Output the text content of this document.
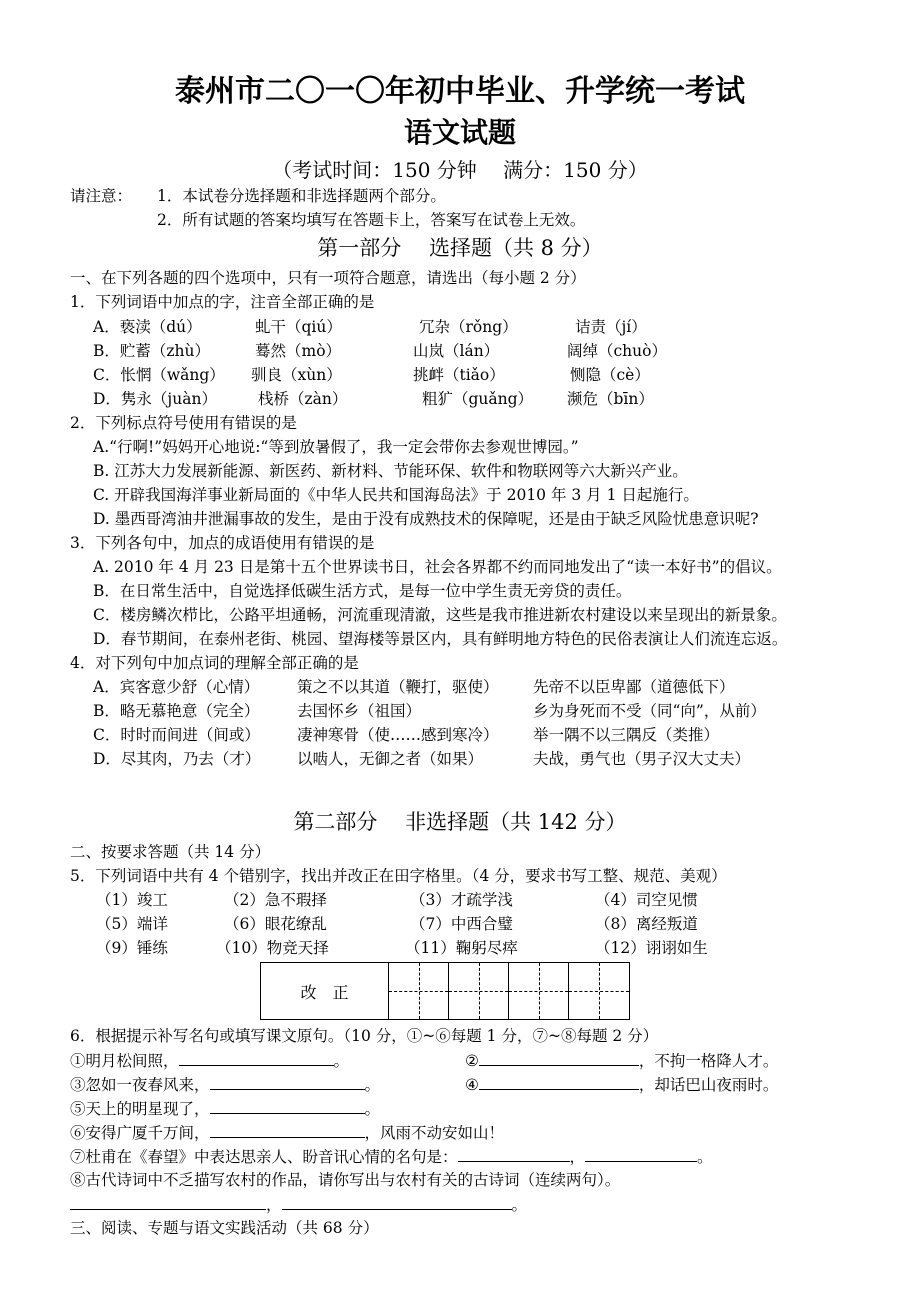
泰州市二〇一〇年初中毕业、升学统一考试
语文试题
（考试时间：150 分钟　 满分：150 分）
请注意： 1．本试卷分选择题和非选择题两个部分。
2．所有试题的答案均填写在答题卡上，答案写在试卷上无效。
第一部分　 选择题（共 8 分）
一、在下列各题的四个选项中，只有一项符合题意，请选出（每小题 2 分）
1．下列词语中加点的字，注音全部正确的是
A．亵渎（dú）	虬干（qiú）	冗杂（rǒng）	诘责（jí）
B．贮蓄（zhù）	蓦然（mò）	山岚（lán）	阔绰（chuò）
C．怅惘（wǎng） 驯良（xùn）	挑衅（tiǎo）	恻隐（cè）
D．隽永（juàn）	栈桥（zàn）	粗犷（guǎng） 濒危（bīn）
2．下列标点符号使用有错误的是
A.“行啊!”妈妈开心地说:“等到放暑假了，我一定会带你去参观世博园。”
B. 江苏大力发展新能源、新医药、新材料、节能环保、软件和物联网等六大新兴产业。
C. 开辟我国海洋事业新局面的《中华人民共和国海岛法》于 2010 年 3 月 1 日起施行。
D. 墨西哥湾油井泄漏事故的发生，是由于没有成熟技术的保障呢，还是由于缺乏风险忧患意识呢?
3．下列各句中，加点的成语使用有错误的是
A. 2010 年 4 月 23 日是第十五个世界读书日，社会各界都不约而同地发出了“读一本好书”的倡议。
B．在日常生活中，自觉选择低碳生活方式，是每一位中学生责无旁贷的责任。
C．楼房鳞次栉比，公路平坦通畅，河流重现清澈，这些是我市推进新农村建设以来呈现出的新景象。
D．春节期间，在泰州老街、桃园、望海楼等景区内，具有鲜明地方特色的民俗表演让人们流连忘返。
4．对下列句中加点词的理解全部正确的是
A．宾客意少舒（心情） 策之不以其道（鞭打，驱使） 先帝不以臣卑鄙（道德低下）
B．略无慕艳意（完全） 去国怀乡（祖国）	乡为身死而不受（同“向”，从前）
C．时时而间进（间或） 凄神寒骨（使……感到寒冷） 举一隅不以三隅反（类推）
D．尽其肉，乃去（才） 以啮人，无御之者（如果）	夫战，勇气也（男子汉大丈夫）
第二部分　 非选择题（共 142 分）
二、按要求答题（共 14 分）
5．下列词语中共有 4 个错别字，找出并改正在田字格里。（4 分，要求书写工整、规范、美观）
（1）竣工	（2）急不瑕择	（3）才疏学浅	（4）司空见惯
（5）端详	（6）眼花缭乱	（7）中西合璧	（8）离经叛道
（9）锤练	（10）物竞天择	（11）鞠躬尽瘁	（12）诩诩如生
改　正
6．根据提示补写名句或填写课文原句。（10 分，①~⑥每题 1 分，⑦~⑧每题 2 分）
①明月松间照，	。	②	，不拘一格降人才。
③忽如一夜春风来，	。	④	，却话巴山夜雨时。
⑤天上的明星现了，	。
⑥安得广厦千万间，	，风雨不动安如山！
⑦杜甫在《春望》中表达思亲人、盼音讯心情的名句是：	，	。
⑧古代诗词中不乏描写农村的作品，请你写出与农村有关的古诗词（连续两句）。
，	。
三、阅读、专题与语文实践活动（共 68 分）
